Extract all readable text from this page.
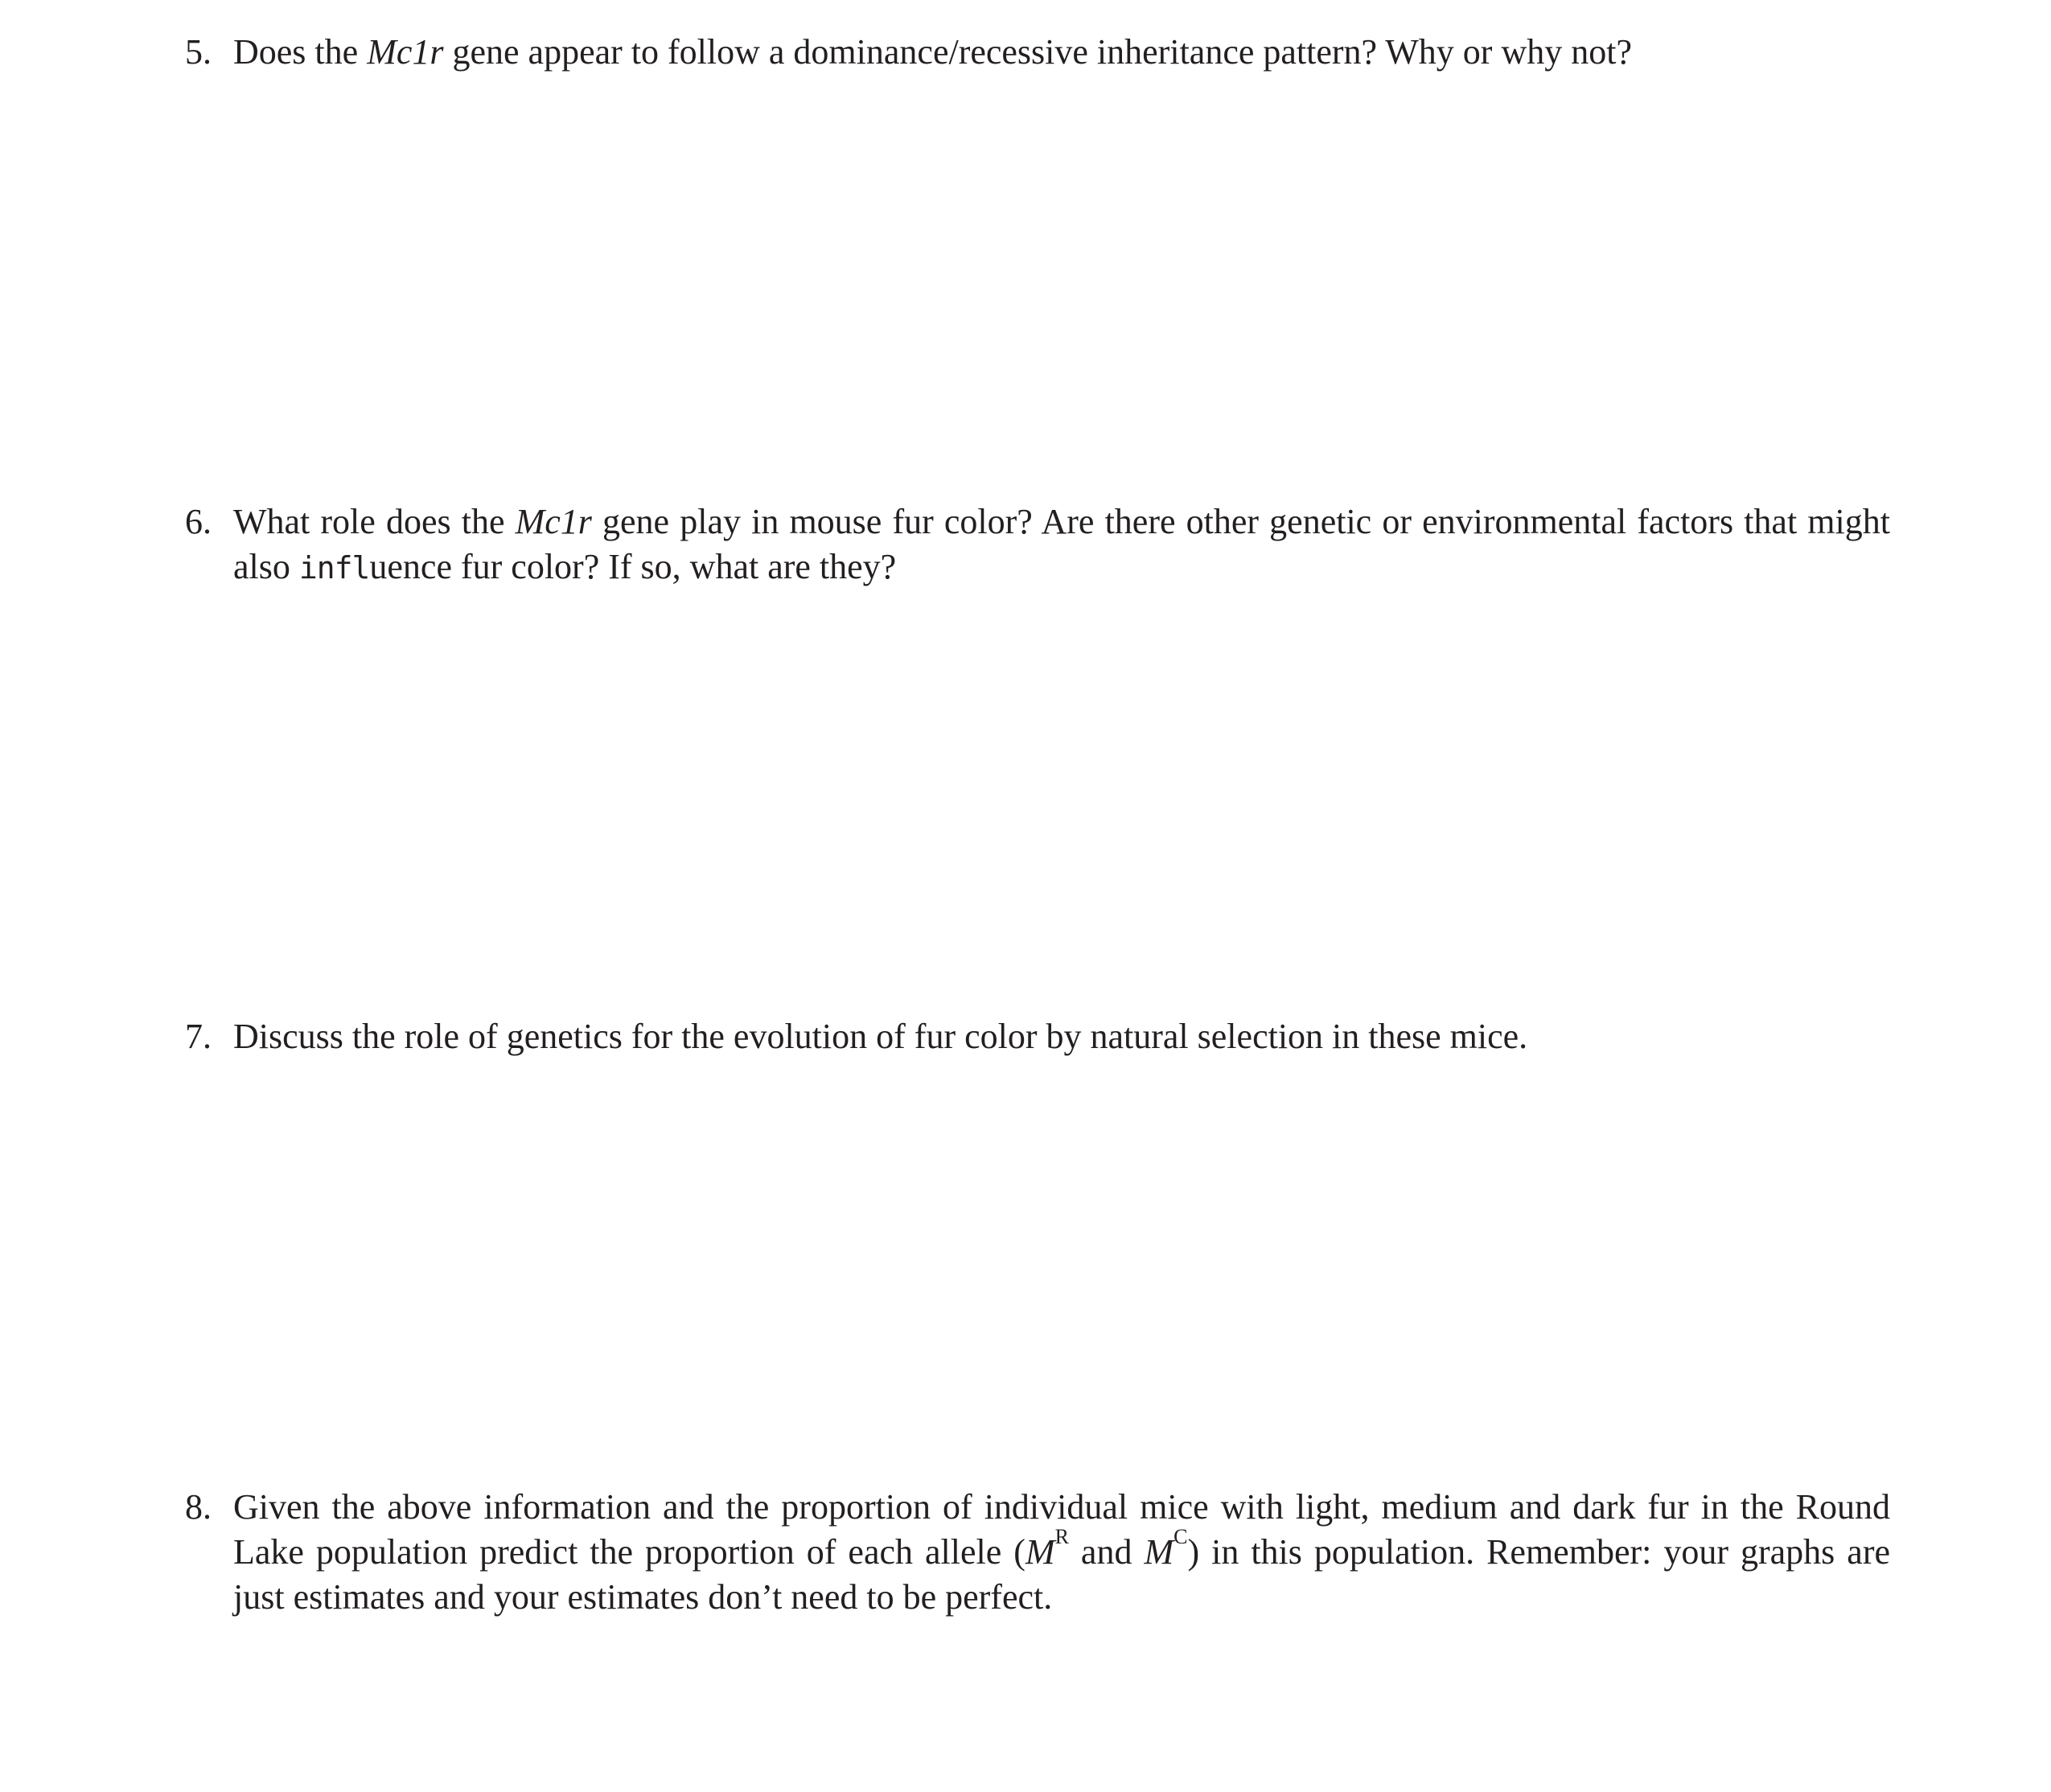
5. Does the Mc1r gene appear to follow a dominance/recessive inheritance pattern? Why or why not?
6. What role does the Mc1r gene play in mouse fur color? Are there other genetic or environmental factors that might also influence fur color? If so, what are they?
7. Discuss the role of genetics for the evolution of fur color by natural selection in these mice.
8. Given the above information and the proportion of individual mice with light, medium and dark fur in the Round Lake population predict the proportion of each allele ($M^R$ and $M^C$) in this population. Remember: your graphs are just estimates and your estimates don’t need to be perfect.
